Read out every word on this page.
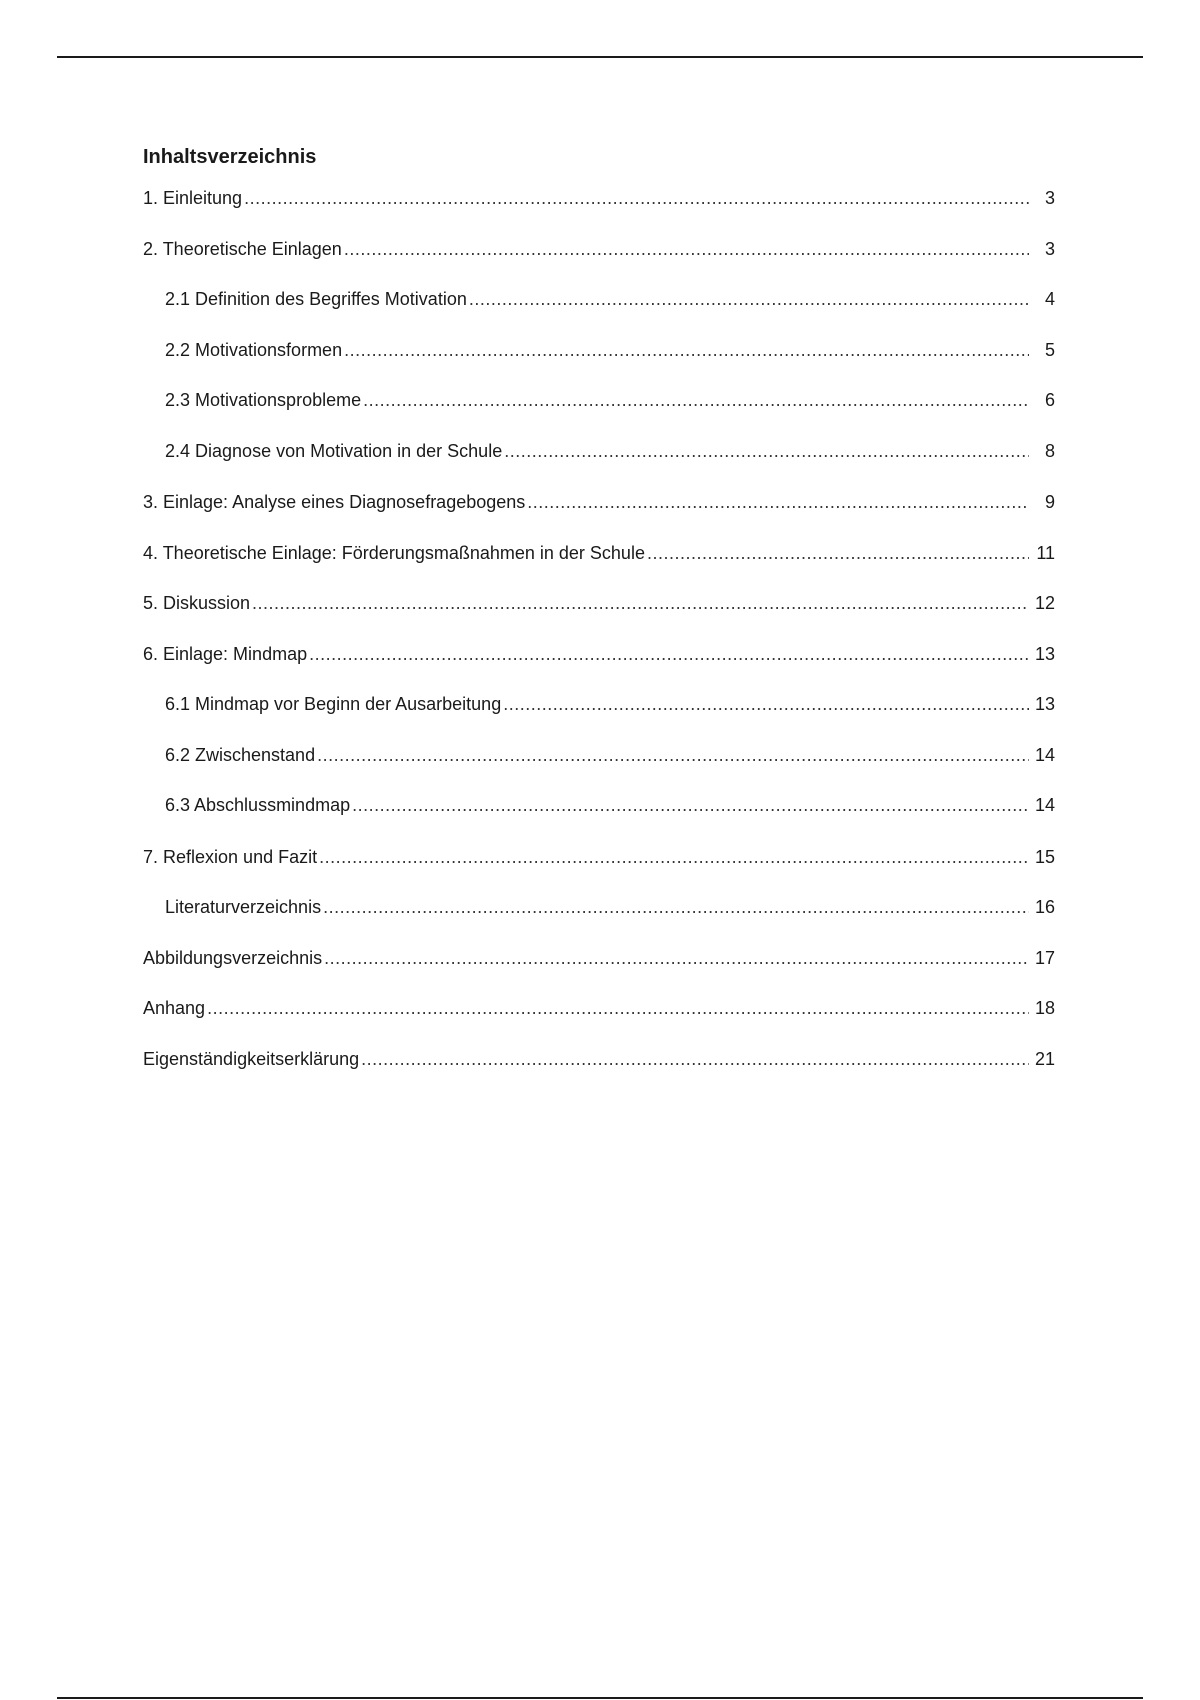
Inhaltsverzeichnis
1. Einleitung .....	3
2. Theoretische Einlagen .....	3
2.1 Definition des Begriffes Motivation .....	4
2.2 Motivationsformen .....	5
2.3 Motivationsprobleme .....	6
2.4 Diagnose von Motivation in der Schule .....	8
3. Einlage: Analyse eines Diagnosefragebogens .....	9
4. Theoretische Einlage: Förderungsmaßnahmen in der Schule .....	11
5. Diskussion .....	12
6. Einlage: Mindmap .....	13
6.1 Mindmap vor Beginn der Ausarbeitung .....	13
6.2 Zwischenstand .....	14
6.3 Abschlussmindmap .....	14
7. Reflexion und Fazit .....	15
Literaturverzeichnis .....	16
Abbildungsverzeichnis .....	17
Anhang .....	18
Eigenständigkeitserklärung .....	21
